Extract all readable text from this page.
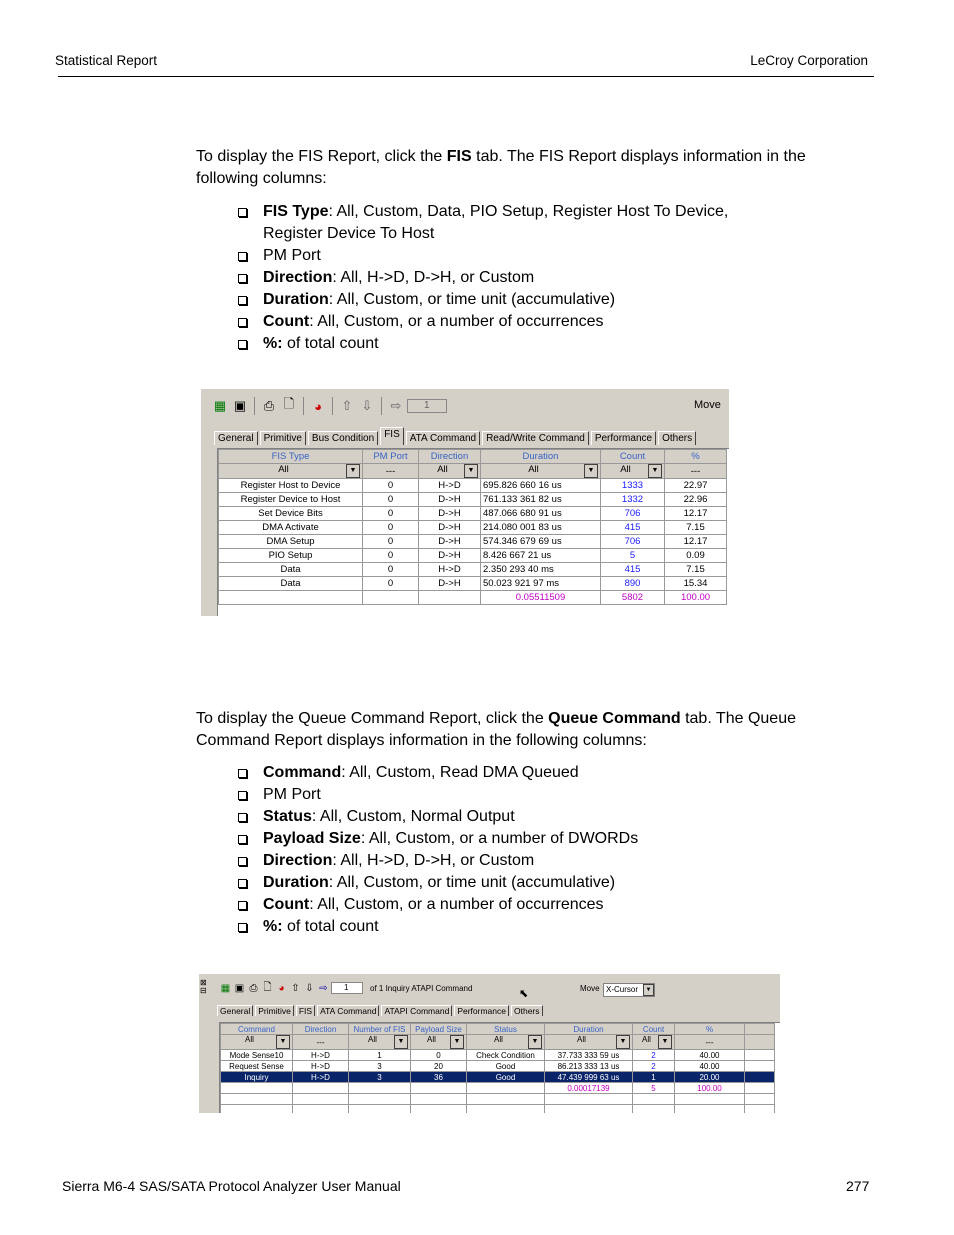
Statistical Report	LeCroy Corporation
To display the FIS Report, click the FIS tab. The FIS Report displays information in the following columns:
FIS Type: All, Custom, Data, PIO Setup, Register Host To Device,
Register Device To Host
PM Port
Direction: All, H->D, D->H, or Custom
Duration: All, Custom, or time unit (accumulative)
Count: All, Custom, or a number of occurrences
%: of total count
▦ ▣ ⎙ 🗋	◕	⇧ ⇩ ⇨	1	Move
General	Primitive	Bus Condition	FIS	ATA Command	Read/Write Command	Performance	Others
FIS Type	PM Port	Direction	Duration	Count	%
All ▼	---	All ▼	All ▼	All ▼	---
Register Host to Device	0	H->D	695.826 660 16 us	1333	22.97
Register Device to Host	0	D->H	761.133 361 82 us	1332	22.96
Set Device Bits	0	D->H	487.066 680 91 us	706	12.17
DMA Activate	0	D->H	214.080 001 83 us	415	7.15
DMA Setup	0	D->H	574.346 679 69 us	706	12.17
PIO Setup	0	D->H	8.426 667 21 us	5	0.09
Data	0	H->D	2.350 293 40 ms	415	7.15
Data	0	D->H	50.023 921 97 ms	890	15.34
			0.05511509	5802	100.00
To display the Queue Command Report, click the Queue Command tab. The Queue Command Report displays information in the following columns:
Command: All, Custom, Read DMA Queued
PM Port
Status: All, Custom, Normal Output
Payload Size: All, Custom, or a number of DWORDs
Direction: All, H->D, D->H, or Custom
Duration: All, Custom, or time unit (accumulative)
Count: All, Custom, or a number of occurrences
%: of total count
⊠
⊟ ▦ ▣ ⎙ 🗋 ◕ ⇧ ⇩ ⇨	1	of 1 Inquiry ATAPI Command	⬉	Move X-Cursor	▼
General Primitive FIS ATA Command ATAPI Command Performance Others
Command	Direction	Number of FIS	Payload Size	Status	Duration	Count	%	
All ▼	---	All ▼	All ▼	All ▼	All ▼	All ▼	---	
Mode Sense10	H->D	1	0	Check Condition	37.733 333 59 us	2	40.00	
Request Sense	H->D	3	20	Good	86.213 333 13 us	2	40.00	
Inquiry	H->D	3	36	Good	47.439 999 63 us	1	20.00	
					0.00017139	5	100.00	

Sierra M6-4 SAS/SATA Protocol Analyzer User Manual	277
